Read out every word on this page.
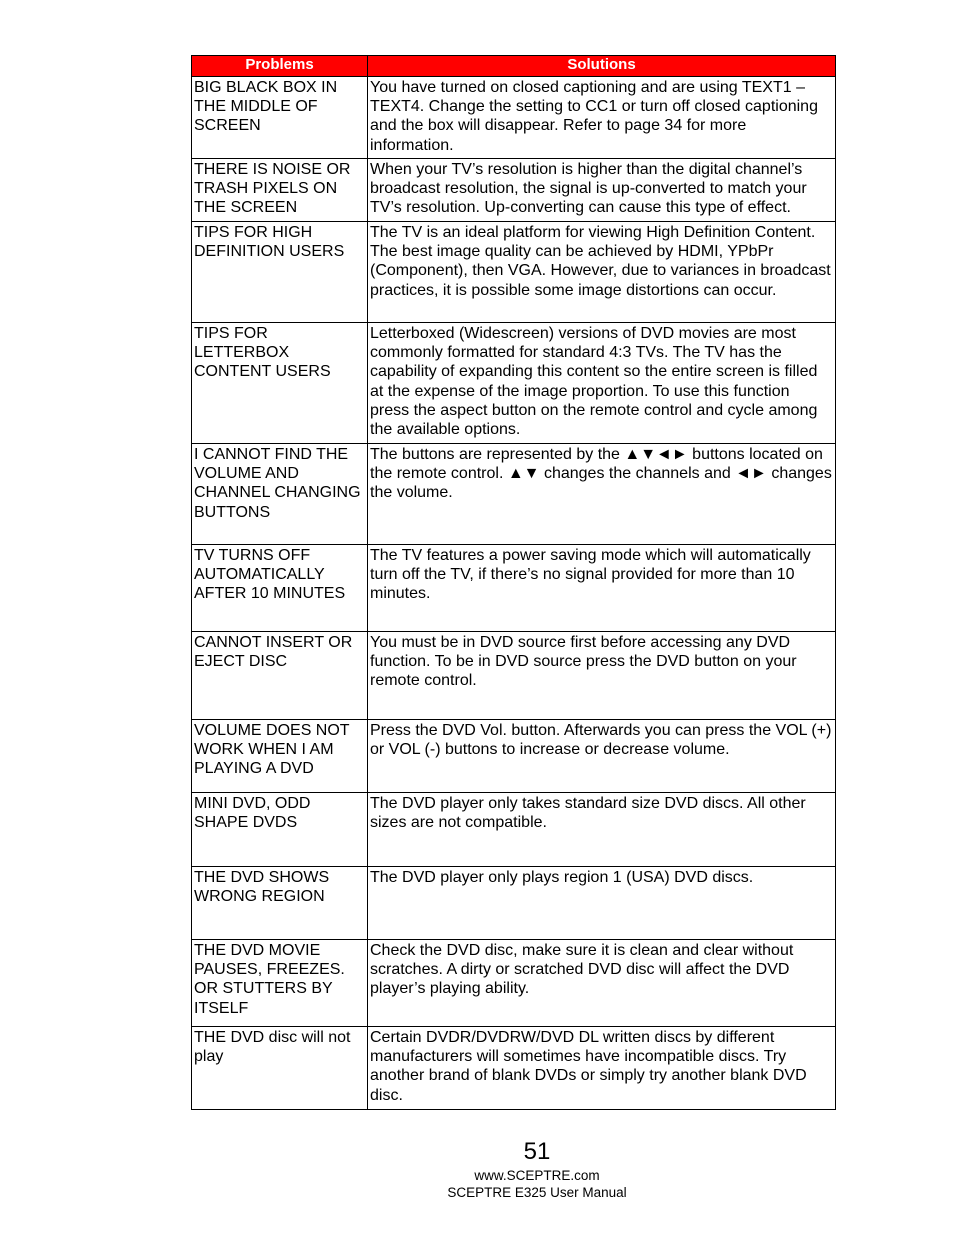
Problems	Solutions
BIG BLACK BOX IN THE MIDDLE OF SCREEN	You have turned on closed captioning and are using TEXT1 – TEXT4. Change the setting to CC1 or turn off closed captioning and the box will disappear. Refer to page 34 for more information.
THERE IS NOISE OR TRASH PIXELS ON THE SCREEN	When your TV’s resolution is higher than the digital channel’s broadcast resolution, the signal is up-converted to match your TV’s resolution. Up-converting can cause this type of effect.
TIPS FOR HIGH DEFINITION USERS	The TV is an ideal platform for viewing High Definition Content. The best image quality can be achieved by HDMI, YPbPr (Component), then VGA. However, due to variances in broadcast practices, it is possible some image distortions can occur.
TIPS FOR LETTERBOX CONTENT USERS	Letterboxed (Widescreen) versions of DVD movies are most commonly formatted for standard 4:3 TVs. The TV has the capability of expanding this content so the entire screen is filled at the expense of the image proportion. To use this function press the aspect button on the remote control and cycle among the available options.
I CANNOT FIND THE VOLUME AND CHANNEL CHANGING BUTTONS	The buttons are represented by the ▲▼◄► buttons located on the remote control. ▲▼ changes the channels and ◄► changes the volume.
TV TURNS OFF AUTOMATICALLY AFTER 10 MINUTES	The TV features a power saving mode which will automatically turn off the TV, if there’s no signal provided for more than 10 minutes.
CANNOT INSERT OR EJECT DISC	You must be in DVD source first before accessing any DVD function. To be in DVD source press the DVD button on your remote control.
VOLUME DOES NOT WORK WHEN I AM PLAYING A DVD	Press the DVD Vol. button. Afterwards you can press the VOL (+) or VOL (-) buttons to increase or decrease volume.
MINI DVD, ODD SHAPE DVDS	The DVD player only takes standard size DVD discs. All other sizes are not compatible.
THE DVD SHOWS WRONG REGION	The DVD player only plays region 1 (USA) DVD discs.
THE DVD MOVIE PAUSES, FREEZES. OR STUTTERS BY ITSELF	Check the DVD disc, make sure it is clean and clear without scratches. A dirty or scratched DVD disc will affect the DVD player’s playing ability.
THE DVD disc will not play	Certain DVDR/DVDRW/DVD DL written discs by different manufacturers will sometimes have incompatible discs. Try another brand of blank DVDs or simply try another blank DVD disc.
51
www.SCEPTRE.com
SCEPTRE E325 User Manual
